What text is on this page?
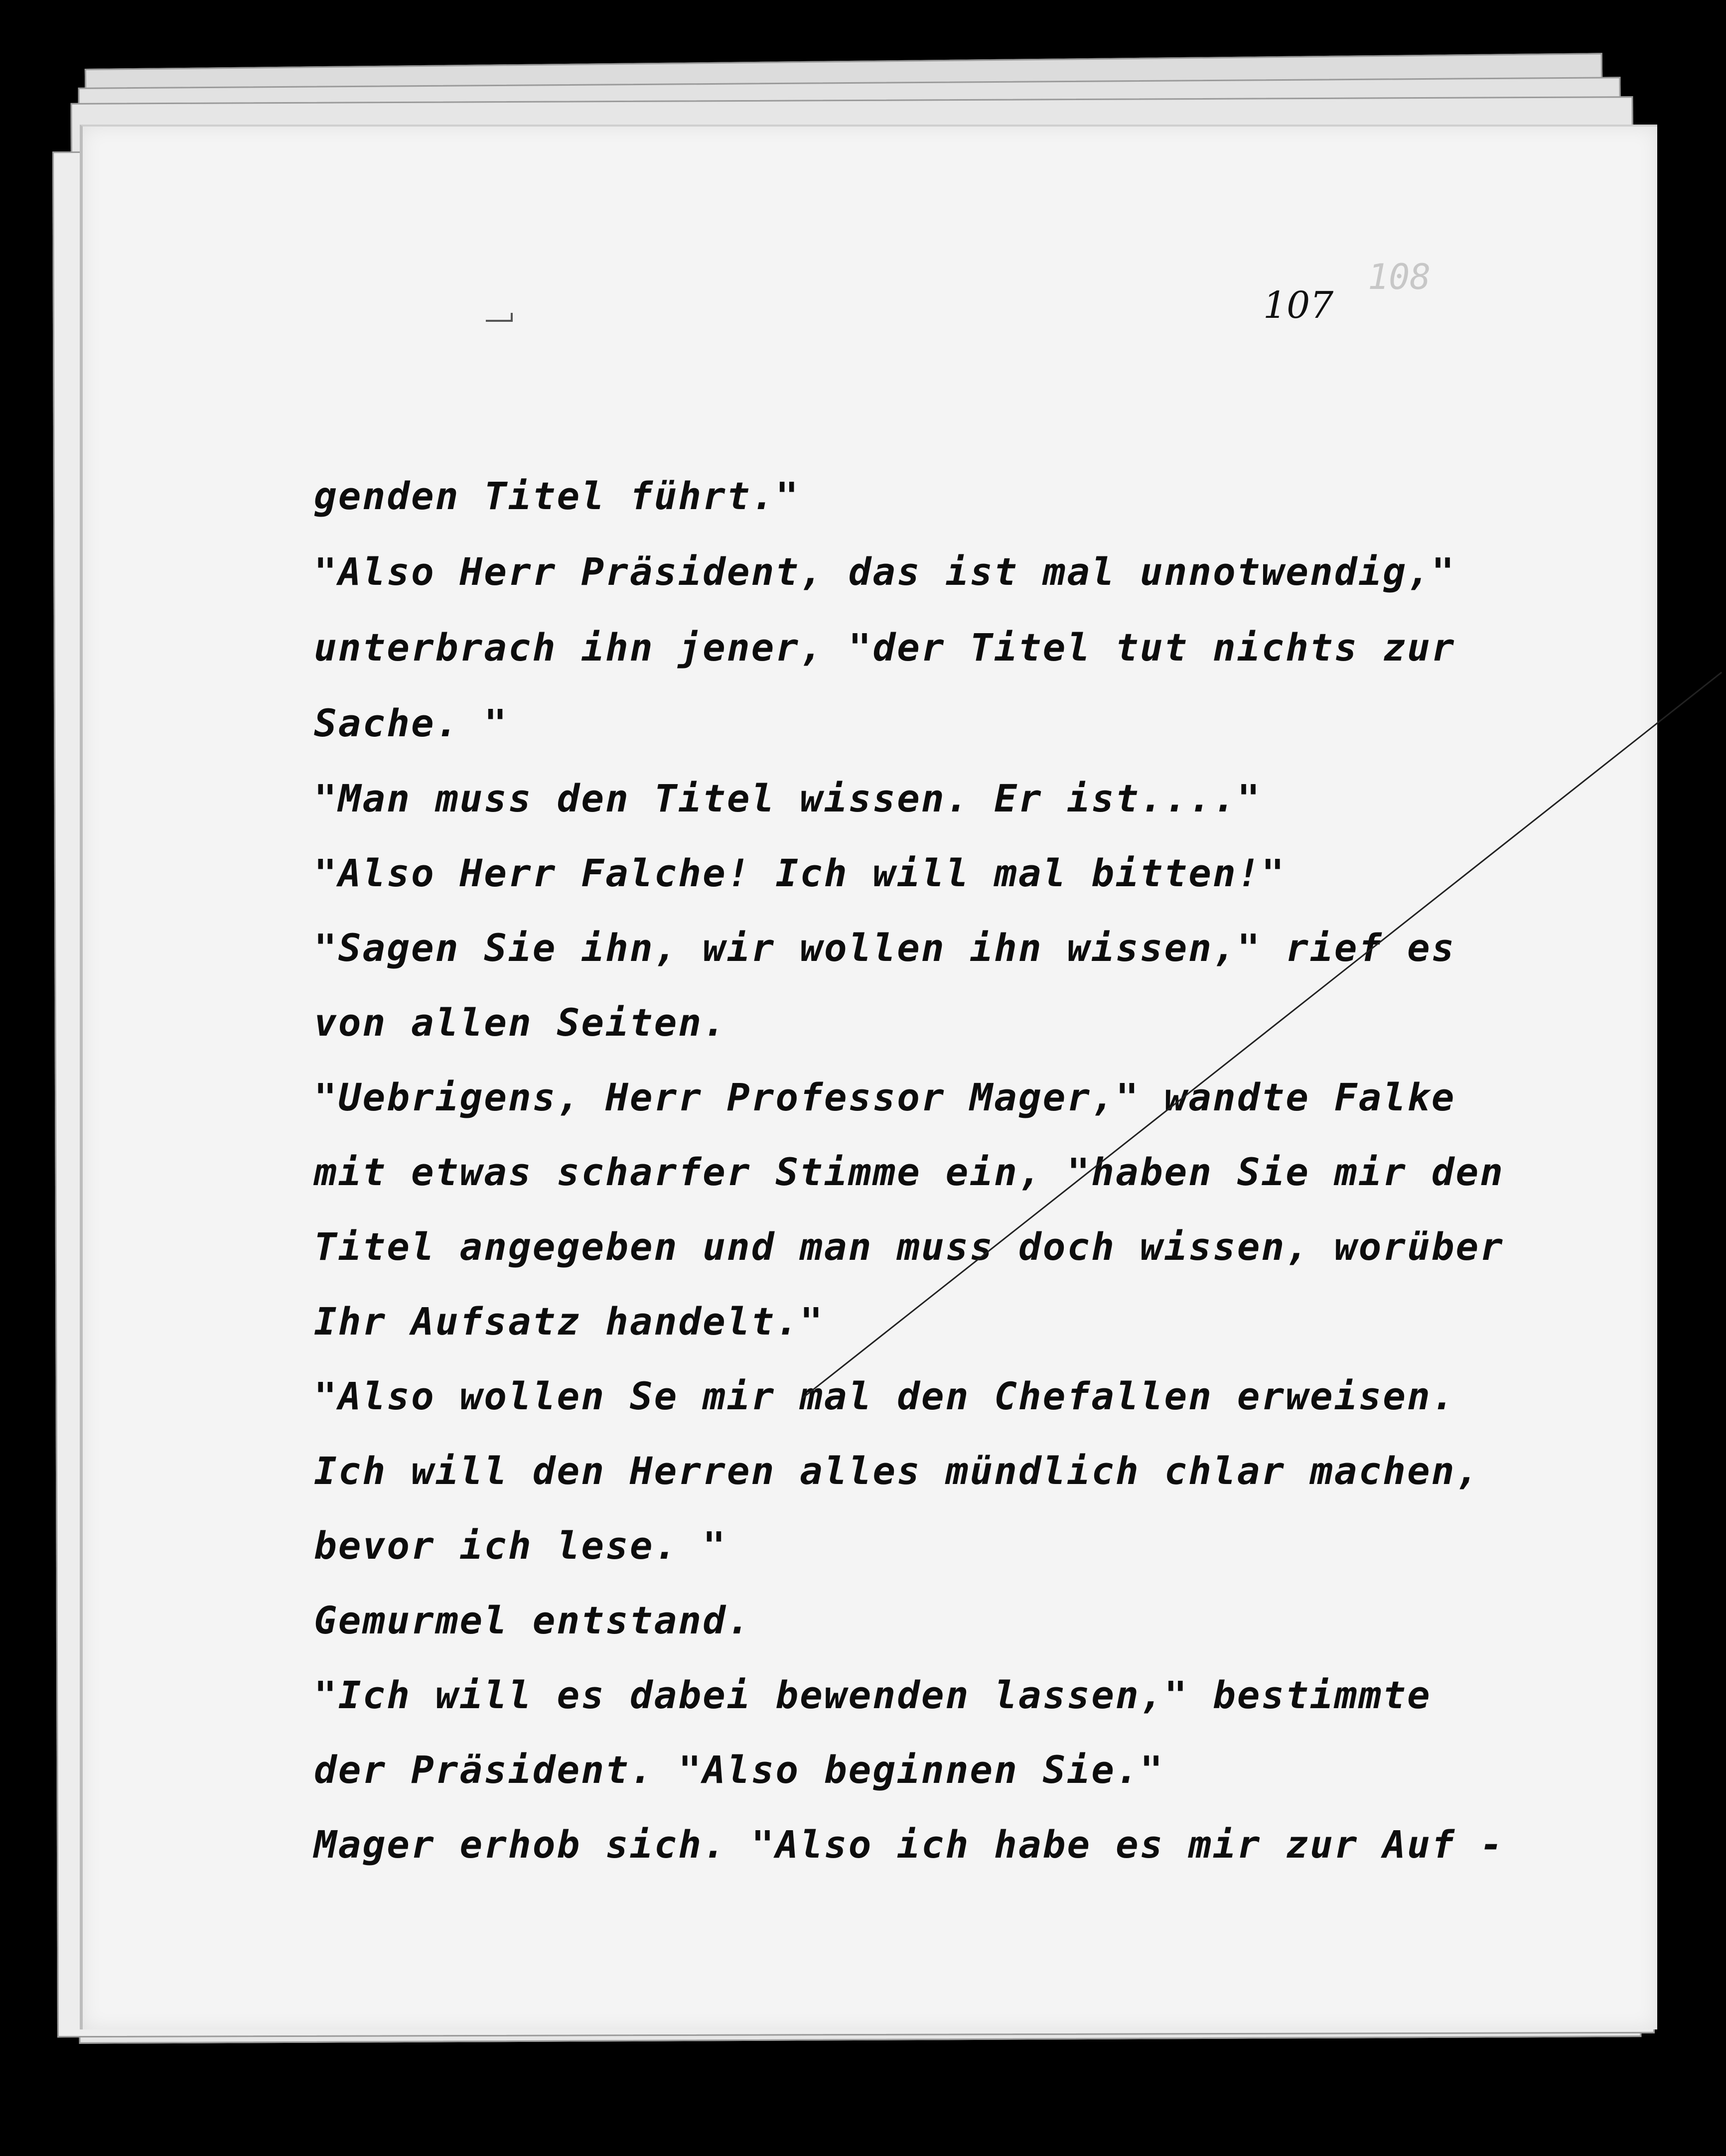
108
107
genden Titel führt."
"Also Herr Präsident, das ist mal unnotwendig,"
unterbrach ihn jener, "der Titel tut nichts zur
Sache. "
"Man muss den Titel wissen. Er ist...."
"Also Herr Falche! Ich will mal bitten!"
"Sagen Sie ihn, wir wollen ihn wissen," rief es
von allen Seiten.
"Uebrigens, Herr Professor Mager," wandte Falke
mit etwas scharfer Stimme ein, "haben Sie mir den
Titel angegeben und man muss doch wissen, worüber
Ihr Aufsatz handelt."
"Also wollen Se mir mal den Chefallen erweisen.
Ich will den Herren alles mündlich chlar machen,
bevor ich lese. "
Gemurmel entstand.
"Ich will es dabei bewenden lassen," bestimmte
der Präsident. "Also beginnen Sie."
Mager erhob sich. "Also ich habe es mir zur Auf -
